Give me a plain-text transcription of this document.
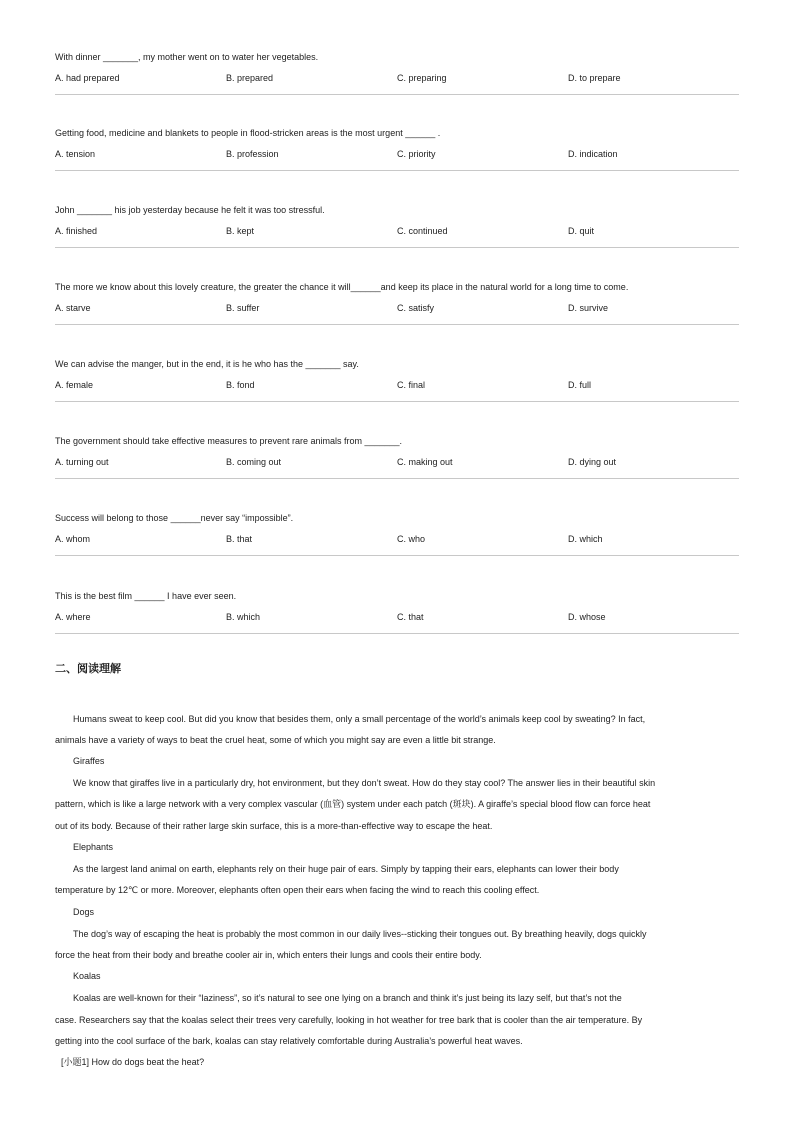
With dinner _______, my mother went on to water her vegetables.
A. had prepared	B. prepared	C. preparing	D. to prepare
Getting food, medicine and blankets to people in flood-stricken areas is the most urgent ______ .
A. tension	B. profession	C. priority	D. indication
John _______ his job yesterday because he felt it was too stressful.
A. finished	B. kept	C. continued	D. quit
The more we know about this lovely creature, the greater the chance it will______and keep its place in the natural world for a long time to come.
A. starve	B. suffer	C. satisfy	D. survive
We can advise the manger, but in the end, it is he who has the _______ say.
A. female	B. fond	C. final	D. full
The government should take effective measures to prevent rare animals from _______.
A. turning out	B. coming out	C. making out	D. dying out
Success will belong to those ______never say “impossible”.
A. whom	B. that	C. who	D. which
This is the best film ______ I have ever seen.
A. where	B. which	C. that	D. whose
二、阅读理解
Humans sweat to keep cool. But did you know that besides them, only a small percentage of the world’s animals keep cool by sweating? In fact,
animals have a variety of ways to beat the cruel heat, some of which you might say are even a little bit strange.
Giraffes
We know that giraffes live in a particularly dry, hot environment, but they don’t sweat. How do they stay cool? The answer lies in their beautiful skin
pattern, which is like a large network with a very complex vascular (血管) system under each patch (斑块). A giraffe’s special blood flow can force heat
out of its body. Because of their rather large skin surface, this is a more-than-effective way to escape the heat.
Elephants
As the largest land animal on earth, elephants rely on their huge pair of ears. Simply by tapping their ears, elephants can lower their body
temperature by 12℃ or more. Moreover, elephants often open their ears when facing the wind to reach this cooling effect.
Dogs
The dog’s way of escaping the heat is probably the most common in our daily lives--sticking their tongues out. By breathing heavily, dogs quickly
force the heat from their body and breathe cooler air in, which enters their lungs and cools their entire body.
Koalas
Koalas are well-known for their “laziness”, so it’s natural to see one lying on a branch and think it’s just being its lazy self, but that’s not the
case. Researchers say that the koalas select their trees very carefully, looking in hot weather for tree bark that is cooler than the air temperature. By
getting into the cool surface of the bark, koalas can stay relatively comfortable during Australia’s powerful heat waves.
[小题1] How do dogs beat the heat?
